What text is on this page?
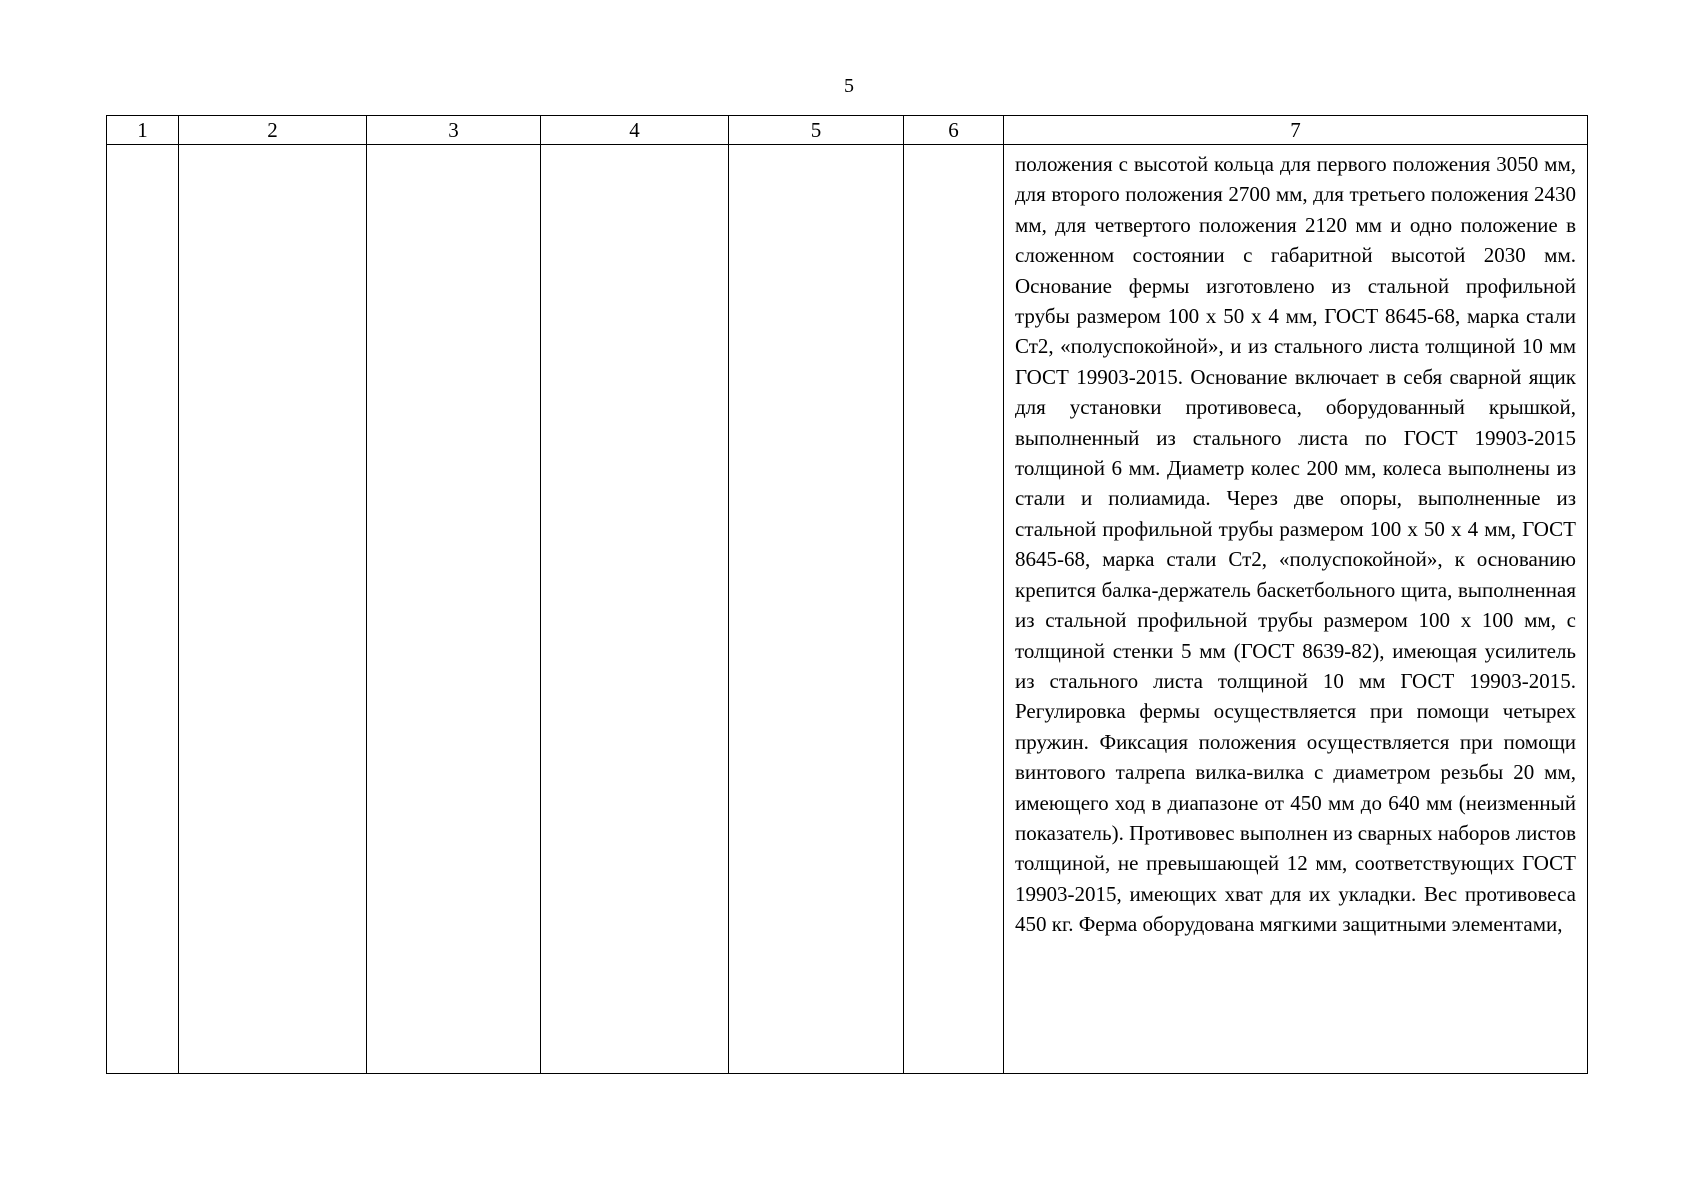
5
1	2	3	4	5	6	7

						положения с высотой кольца для первого положения 3050 мм, для второго положения 2700 мм, для третьего положения 2430 мм, для четвертого положения 2120 мм и одно положение в сложенном состоянии с габаритной высотой 2030 мм. Основание фермы изготовлено из стальной профильной трубы размером 100 х 50 х 4 мм, ГОСТ 8645-68, марка стали Ст2, «полуспокойной», и из стального листа толщиной 10 мм ГОСТ 19903-2015. Основание включает в себя сварной ящик для установки противовеса, оборудованный крышкой, выполненный из стального листа по ГОСТ 19903-2015 толщиной 6 мм. Диаметр колес 200 мм, колеса выполнены из стали и полиамида. Через две опоры, выполненные из стальной профильной трубы размером 100 х 50 х 4 мм, ГОСТ 8645-68, марка стали Ст2, «полуспокойной», к основанию крепится балка-держатель баскетбольного щита, выполненная из стальной профильной трубы размером 100 х 100 мм, с толщиной стенки 5 мм (ГОСТ 8639-82), имеющая усилитель из стального листа толщиной 10 мм ГОСТ 19903-2015. Регулировка фермы осуществляется при помощи четырех пружин. Фиксация положения осуществляется при помощи винтового талрепа вилка-вилка с диаметром резьбы 20 мм, имеющего ход в диапазоне от 450 мм до 640 мм (неизменный показатель). Противовес выполнен из сварных наборов листов толщиной, не превышающей 12 мм, соответствующих ГОСТ 19903-2015, имеющих хват для их укладки. Вес противовеса 450 кг. Ферма оборудована мягкими защитными элементами,
